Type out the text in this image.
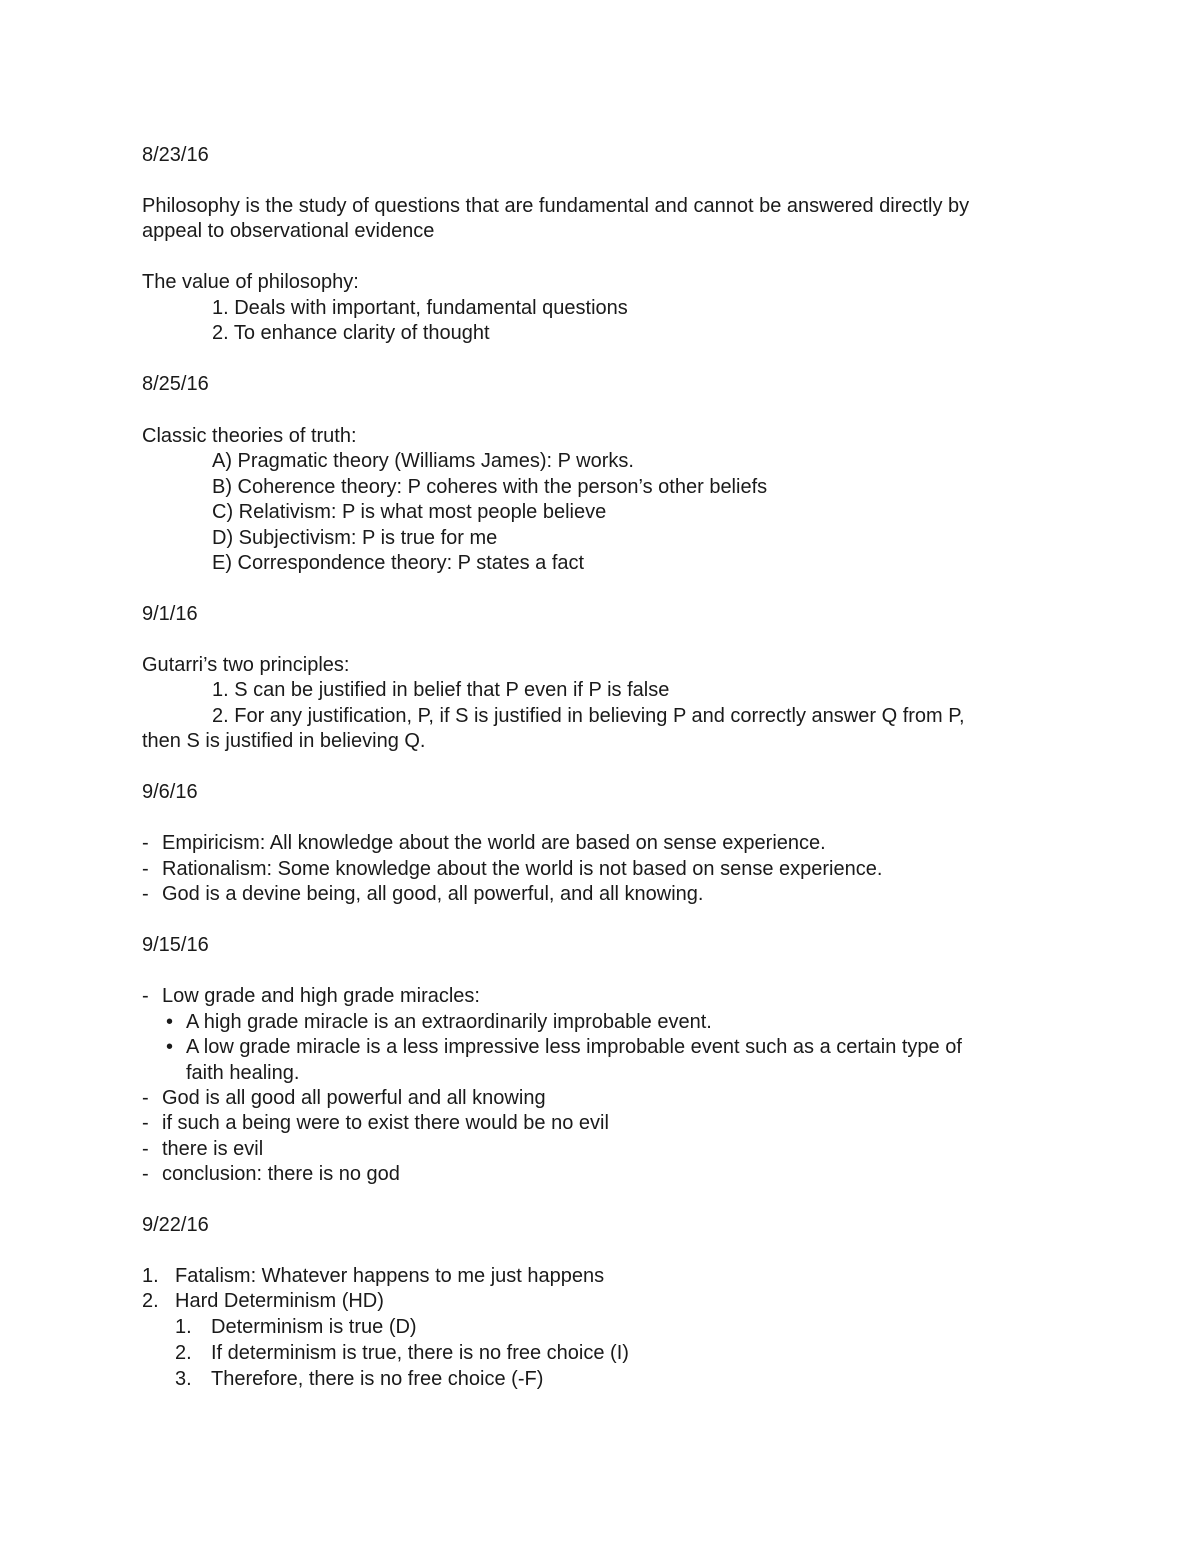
8/23/16
Philosophy is the study of questions that are fundamental and cannot be answered directly by
appeal to observational evidence
The value of philosophy:
1. Deals with important, fundamental questions
2. To enhance clarity of thought
8/25/16
Classic theories of truth:
A) Pragmatic theory (Williams James): P works.
B) Coherence theory: P coheres with the person’s other beliefs
C) Relativism: P is what most people believe
D) Subjectivism: P is true for me
E) Correspondence theory: P states a fact
9/1/16
Gutarri’s two principles:
1. S can be justified in belief that P even if P is false
2. For any justification, P, if S is justified in believing P and correctly answer Q from P,
then S is justified in believing Q.
9/6/16
- Empiricism: All knowledge about the world are based on sense experience.
- Rationalism: Some knowledge about the world is not based on sense experience.
- God is a devine being, all good, all powerful, and all knowing.
9/15/16
- Low grade and high grade miracles:
• A high grade miracle is an extraordinarily improbable event.
• A low grade miracle is a less impressive less improbable event such as a certain type of
faith healing.
- God is all good all powerful and all knowing
- if such a being were to exist there would be no evil
- there is evil
- conclusion: there is no god
9/22/16
1. Fatalism: Whatever happens to me just happens
2. Hard Determinism (HD)
1. Determinism is true (D)
2. If determinism is true, there is no free choice (I)
3. Therefore, there is no free choice (-F)
